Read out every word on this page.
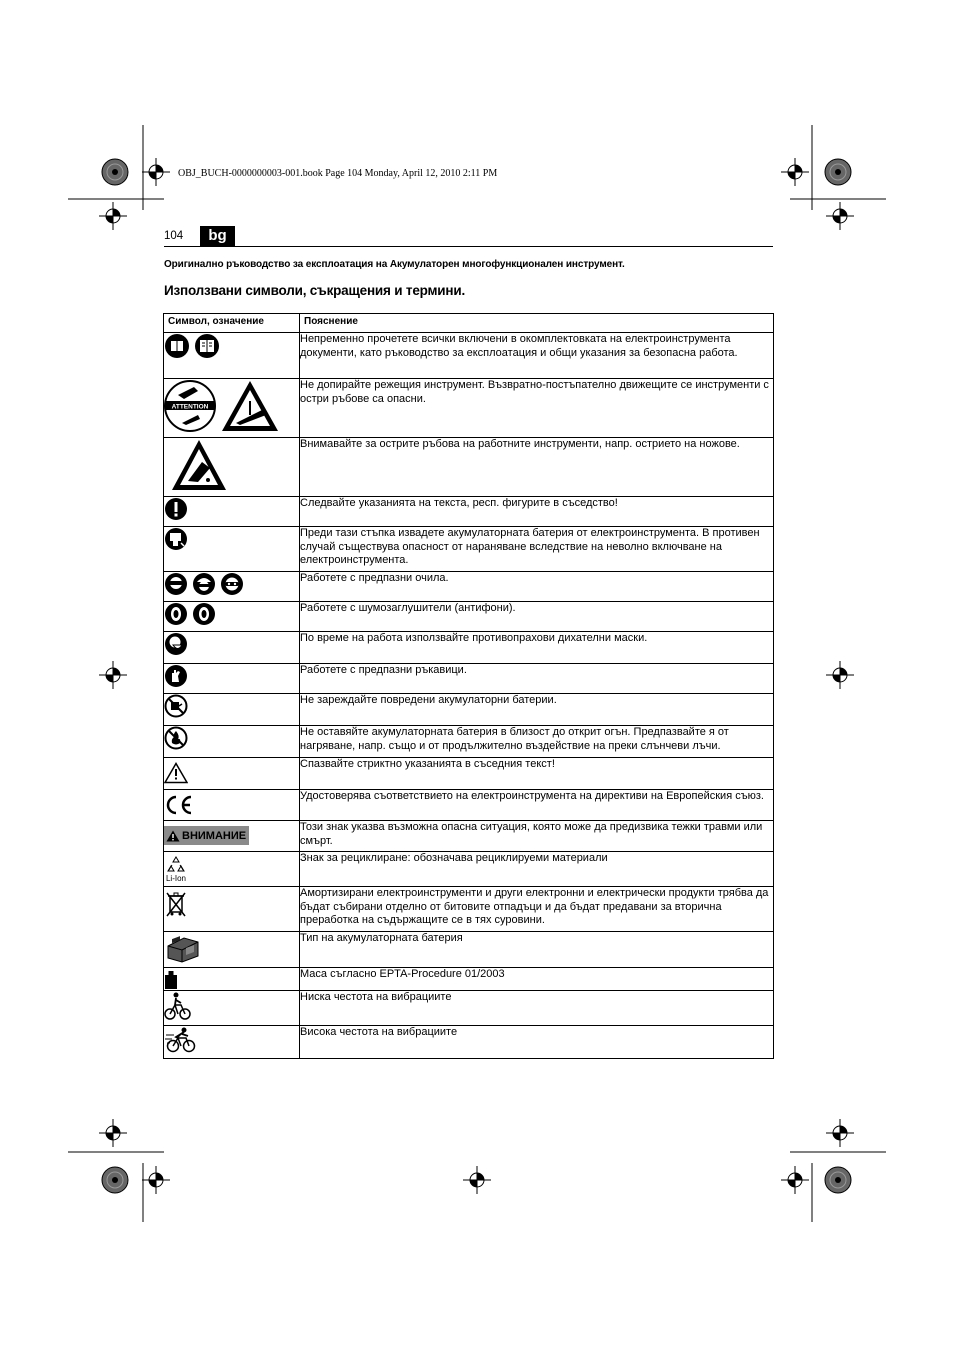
OBJ_BUCH-0000000003-001.book Page 104 Monday, April 12, 2010 2:11 PM
104	bg
Оригинално ръководство за експлоатация на Акумулаторен многофункционален инструмент.
Използвани символи, съкращения и термини.
Символ, означение	Пояснение

	Непременно прочетете всички включени в окомплектовката на електроинструмента документи, като ръководство за експлоатация и общи указания за безопасна работа.

ATTENTION	Не допирайте режещия инструмент. Възвратно-постъпателно движещите се инструменти с остри ръбове са опасни.

	Внимавайте за острите ръбова на работните инструменти, напр. острието на ножове.

	Следвайте указанията на текста, респ. фигурите в съседство!

	Преди тази стъпка извадете акумулаторната батерия от електроинструмента. В противен случай съществува опасност от нараняване вследствие на неволно включване на електроинструмента.

	Работете с предпазни очила.

	Работете с шумозаглушители (антифони).

	По време на работа използвайте противопрахови дихателни маски.

	Работете с предпазни ръкавици.

	Не зареждайте повредени акумулаторни батерии.

	Не оставяйте акумулаторната батерия в близост до открит огън. Предпазвайте я от нагряване, напр. също и от продължително въздействие на преки слънчеви лъчи.

	Спазвайте стриктно указанията в съседния текст!

	Удостоверява съответствието на електроинструмента на директиви на Европейския съюз.

ВНИМАНИЕ	Този знак указва възможна опасна ситуация, която може да предизвика тежки травми или смърт.

Li-Ion	Знак за рециклиране: обозначава рециклируеми материали

	Амортизирани електроинструменти и други електронни и електрически продукти трябва да бъдат събирани отделно от битовите отпадъци и да бъдат предавани за вторична преработка на съдържащите се в тях суровини.

	Тип на акумулаторната батерия

	Маса съгласно EPTA-Procedure 01/2003

	Ниска честота на вибрациите

	Висока честота на вибрациите
